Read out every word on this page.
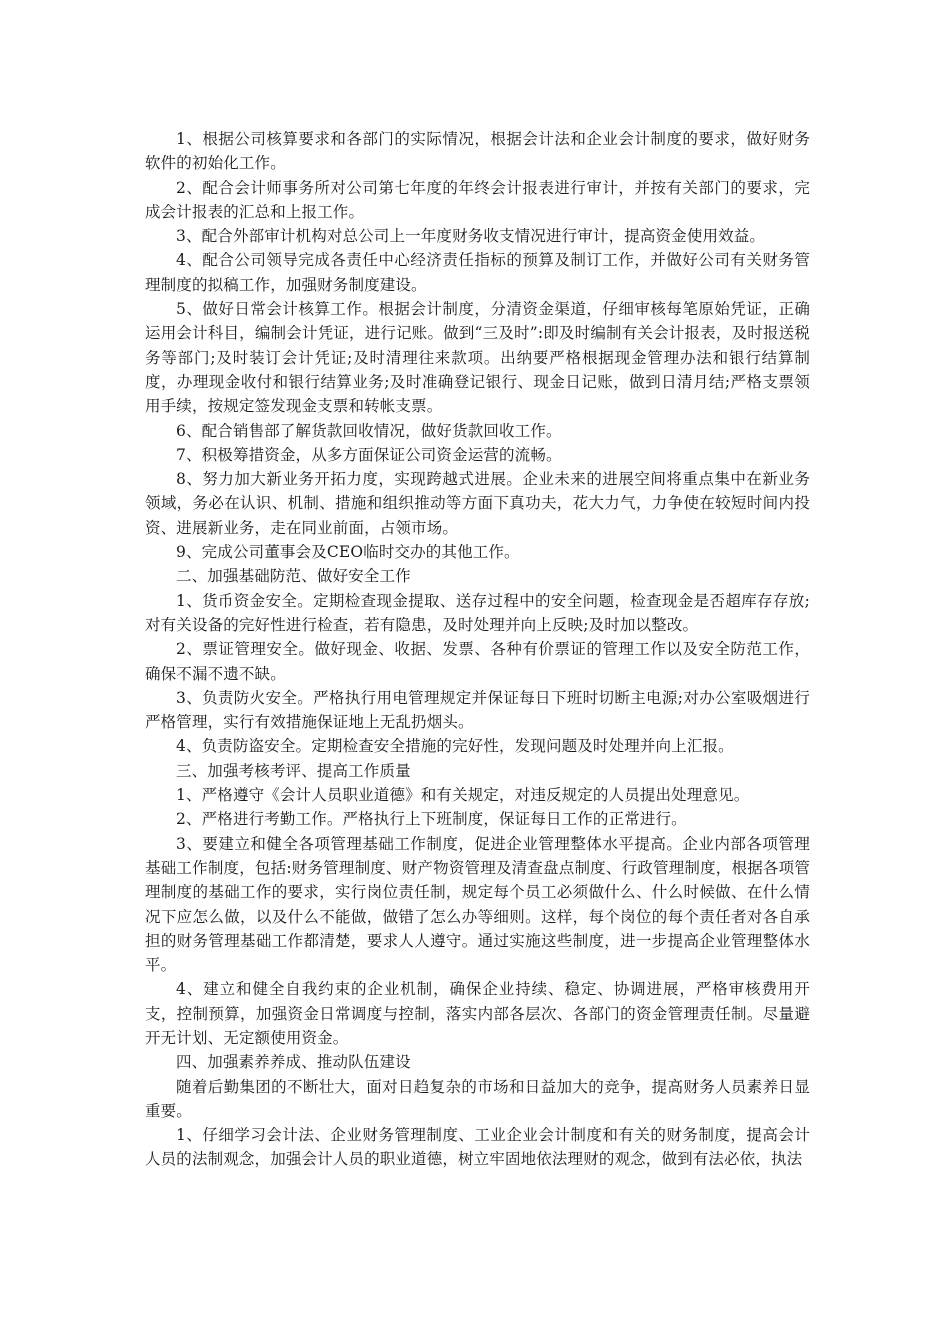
1、根据公司核算要求和各部门的实际情况，根据会计法和企业会计制度的要求，做好财务软件的初始化工作。

2、配合会计师事务所对公司第七年度的年终会计报表进行审计，并按有关部门的要求，完成会计报表的汇总和上报工作。

3、配合外部审计机构对总公司上一年度财务收支情况进行审计，提高资金使用效益。

4、配合公司领导完成各责任中心经济责任指标的预算及制订工作，并做好公司有关财务管理制度的拟稿工作，加强财务制度建设。

5、做好日常会计核算工作。根据会计制度，分清资金渠道，仔细审核每笔原始凭证，正确运用会计科目，编制会计凭证，进行记账。做到“三及时”:即及时编制有关会计报表，及时报送税务等部门;及时装订会计凭证;及时清理往来款项。出纳要严格根据现金管理办法和银行结算制度，办理现金收付和银行结算业务;及时准确登记银行、现金日记账，做到日清月结;严格支票领用手续，按规定签发现金支票和转帐支票。

6、配合销售部了解货款回收情况，做好货款回收工作。

7、积极筹措资金，从多方面保证公司资金运营的流畅。

8、努力加大新业务开拓力度，实现跨越式进展。企业未来的进展空间将重点集中在新业务领域，务必在认识、机制、措施和组织推动等方面下真功夫，花大力气，力争使在较短时间内投资、进展新业务，走在同业前面，占领市场。

9、完成公司董事会及CEO临时交办的其他工作。

二、加强基础防范、做好安全工作

1、货币资金安全。定期检查现金提取、送存过程中的安全问题，检查现金是否超库存存放;对有关设备的完好性进行检查，若有隐患，及时处理并向上反映;及时加以整改。

2、票证管理安全。做好现金、收据、发票、各种有价票证的管理工作以及安全防范工作，确保不漏不遗不缺。

3、负责防火安全。严格执行用电管理规定并保证每日下班时切断主电源;对办公室吸烟进行严格管理，实行有效措施保证地上无乱扔烟头。

4、负责防盗安全。定期检查安全措施的完好性，发现问题及时处理并向上汇报。

三、加强考核考评、提高工作质量

1、严格遵守《会计人员职业道德》和有关规定，对违反规定的人员提出处理意见。

2、严格进行考勤工作。严格执行上下班制度，保证每日工作的正常进行。

3、要建立和健全各项管理基础工作制度，促进企业管理整体水平提高。企业内部各项管理基础工作制度，包括:财务管理制度、财产物资管理及清查盘点制度、行政管理制度，根据各项管理制度的基础工作的要求，实行岗位责任制，规定每个员工必须做什么、什么时候做、在什么情况下应怎么做，以及什么不能做，做错了怎么办等细则。这样，每个岗位的每个责任者对各自承担的财务管理基础工作都清楚，要求人人遵守。通过实施这些制度，进一步提高企业管理整体水平。

4、建立和健全自我约束的企业机制，确保企业持续、稳定、协调进展，严格审核费用开支，控制预算，加强资金日常调度与控制，落实内部各层次、各部门的资金管理责任制。尽量避开无计划、无定额使用资金。

四、加强素养养成、推动队伍建设

随着后勤集团的不断壮大，面对日趋复杂的市场和日益加大的竞争，提高财务人员素养日显重要。

1、仔细学习会计法、企业财务管理制度、工业企业会计制度和有关的财务制度，提高会计人员的法制观念，加强会计人员的职业道德，树立牢固地依法理财的观念，做到有法必依，执法
